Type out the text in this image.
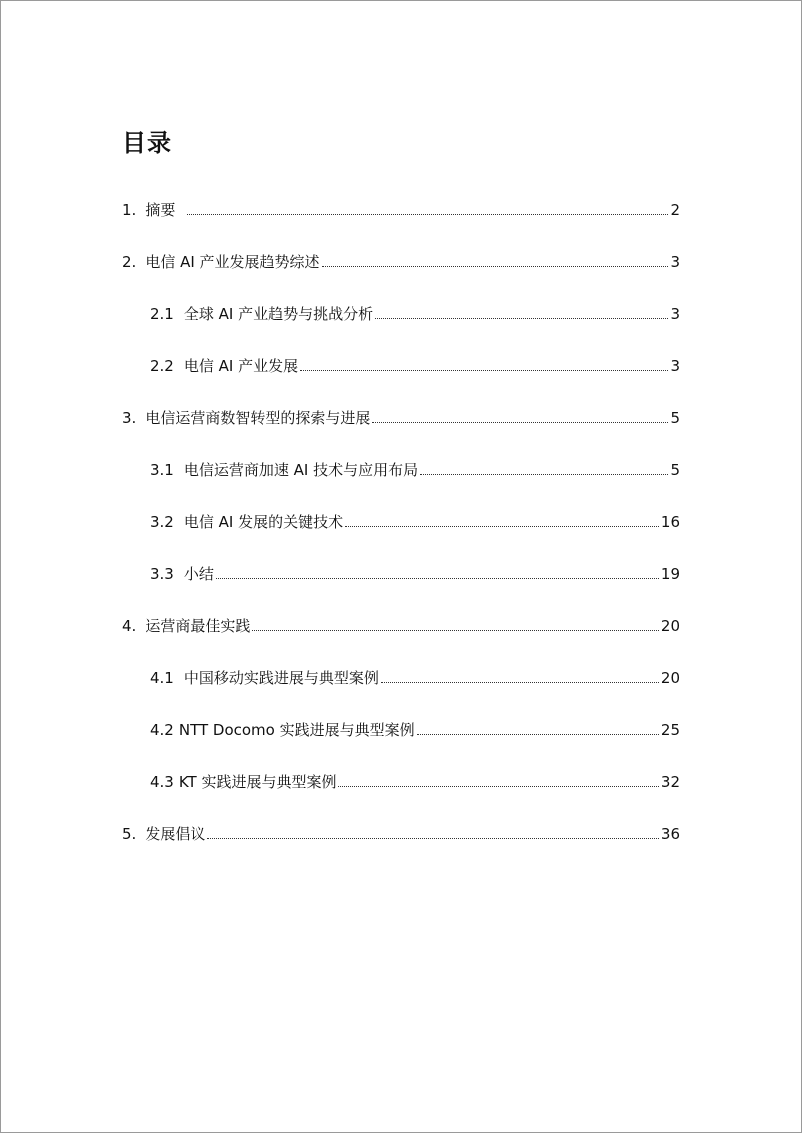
目录
1. 摘要	2
2. 电信 AI 产业发展趋势综述	3
2.1 全球 AI 产业趋势与挑战分析	3
2.2 电信 AI 产业发展	3
3. 电信运营商数智转型的探索与进展	5
3.1 电信运营商加速 AI 技术与应用布局	5
3.2 电信 AI 发展的关键技术	16
3.3 小结	19
4. 运营商最佳实践	20
4.1 中国移动实践进展与典型案例	20
4.2 NTT Docomo 实践进展与典型案例	25
4.3 KT 实践进展与典型案例	32
5. 发展倡议	36
